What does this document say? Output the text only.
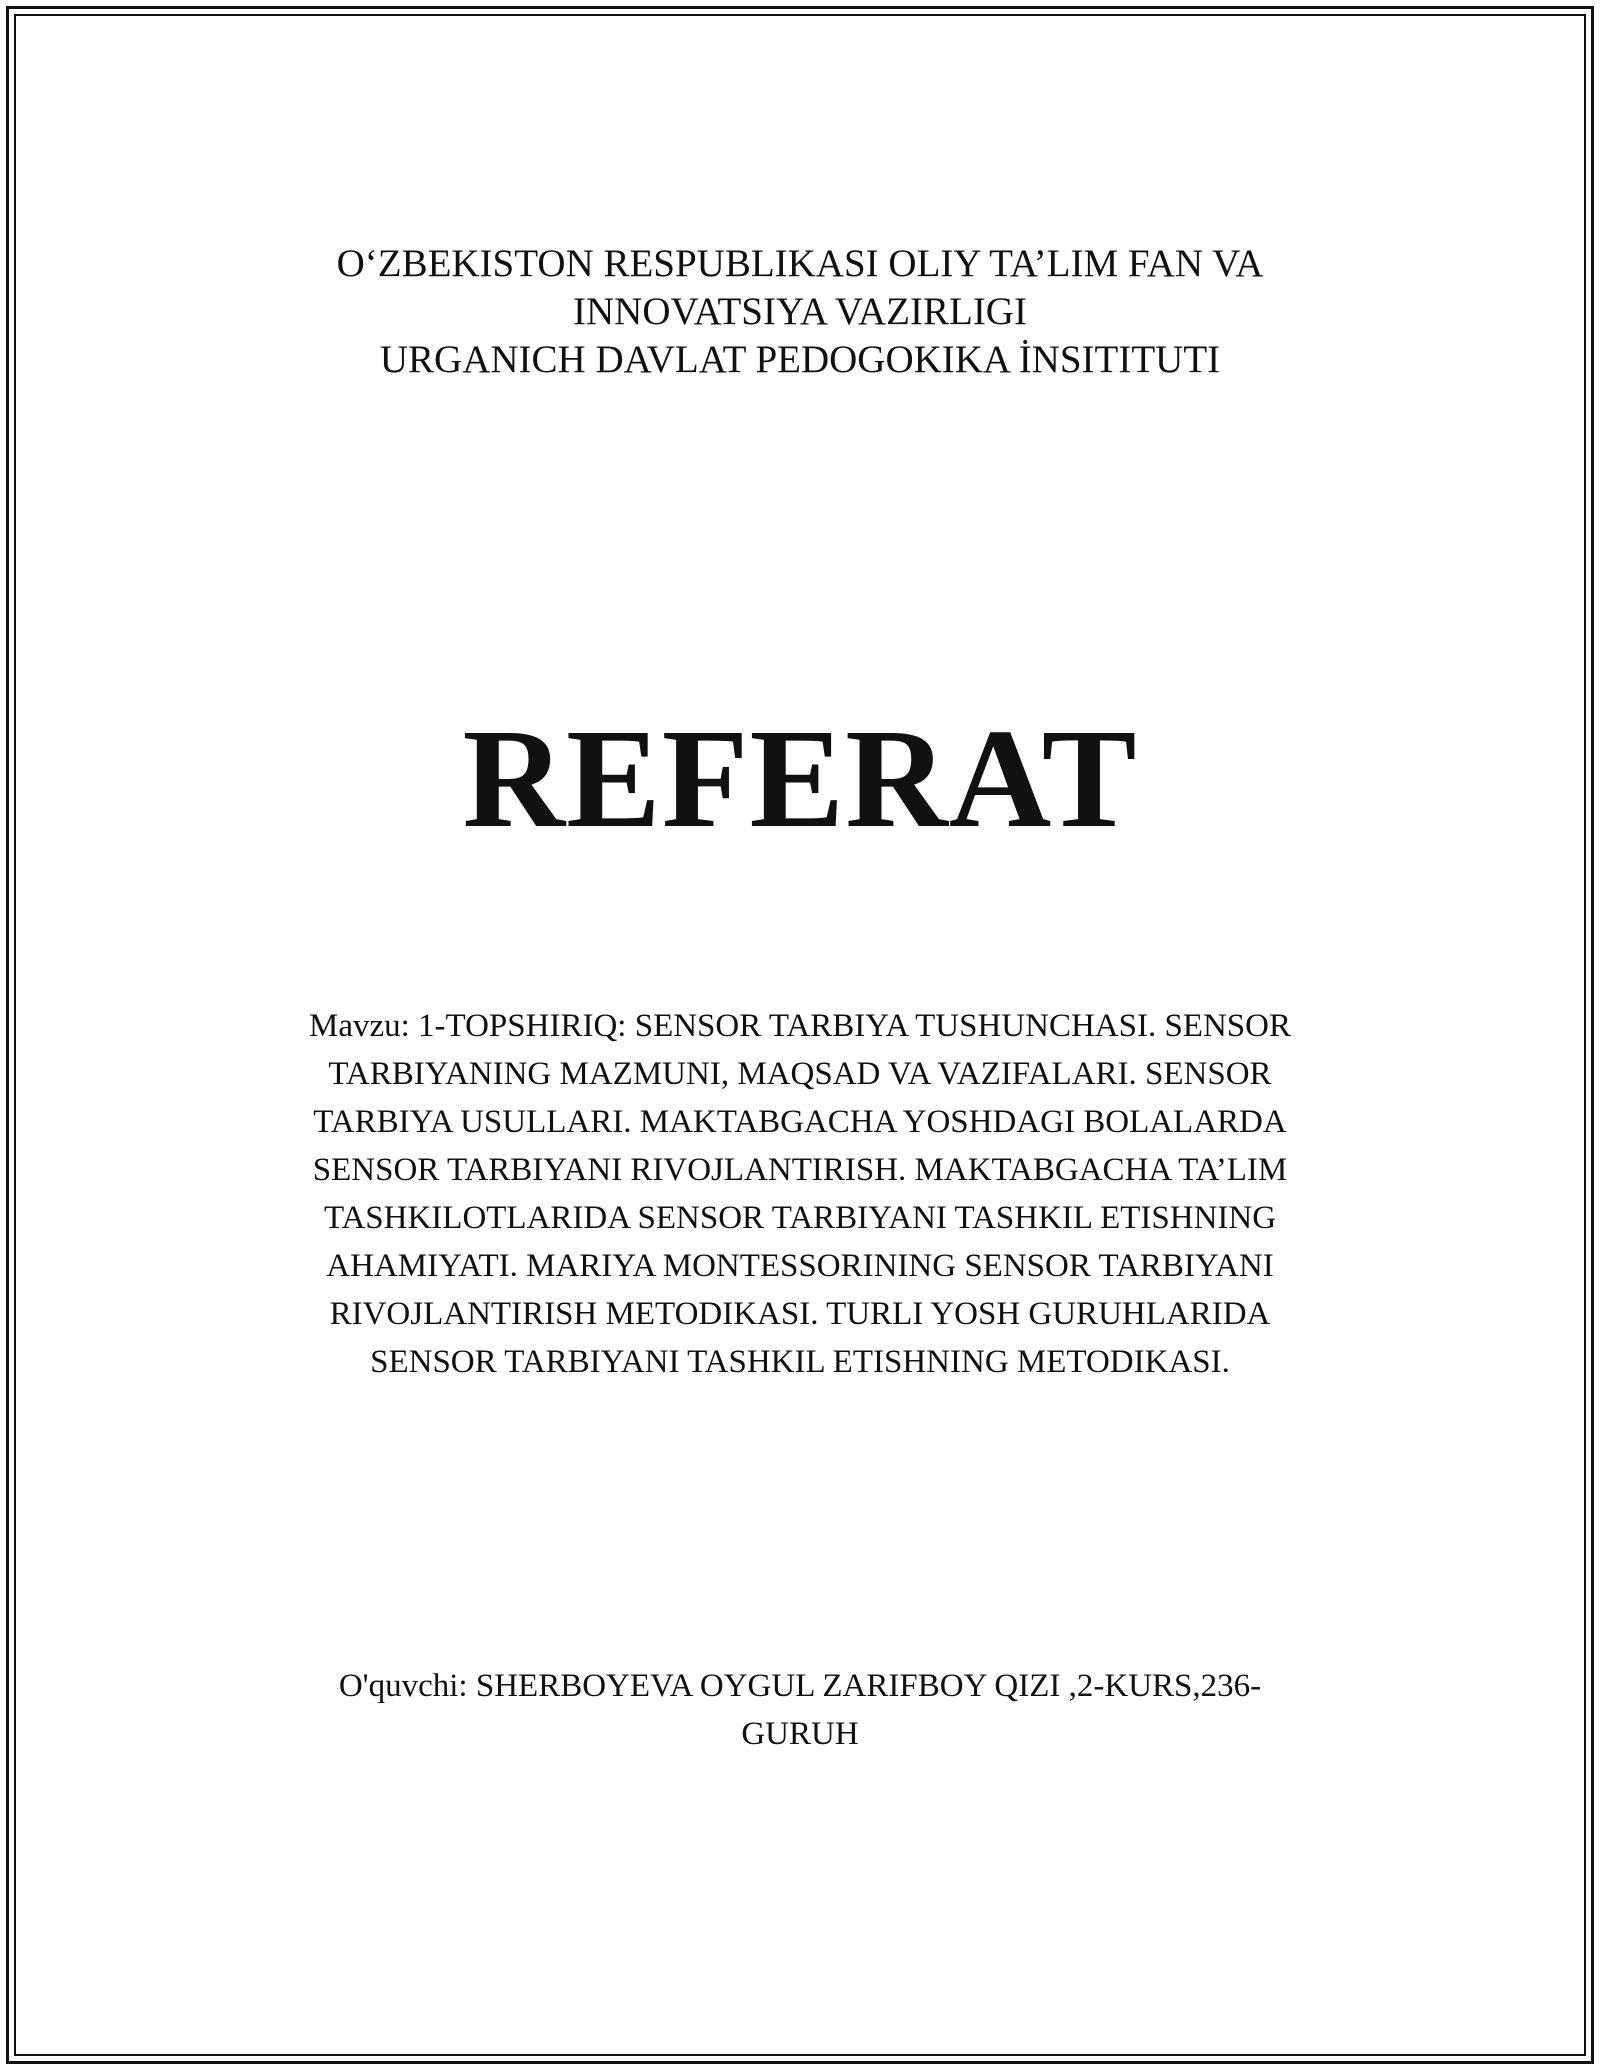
O‘ZBEKISTON RESPUBLIKASI OLIY TA’LIM FAN VA
INNOVATSIYA VAZIRLIGI
URGANICH DAVLAT PEDOGOKIKA İNSITITUTI
REFERAT
Mavzu: 1-TOPSHIRIQ: SENSOR TARBIYA TUSHUNCHASI. SENSOR
TARBIYANING MAZMUNI, MAQSAD VA VAZIFALARI. SENSOR
TARBIYA USULLARI. MAKTABGACHA YOSHDAGI BOLALARDA
SENSOR TARBIYANI RIVOJLANTIRISH. MAKTABGACHA TA’LIM
TASHKILOTLARIDA SENSOR TARBIYANI TASHKIL ETISHNING
AHAMIYATI. MARIYA MONTESSORINING SENSOR TARBIYANI
RIVOJLANTIRISH METODIKASI. TURLI YOSH GURUHLARIDA
SENSOR TARBIYANI TASHKIL ETISHNING METODIKASI.
O'quvchi: SHERBOYEVA OYGUL ZARIFBOY QIZI ,2-KURS,236-
GURUH
